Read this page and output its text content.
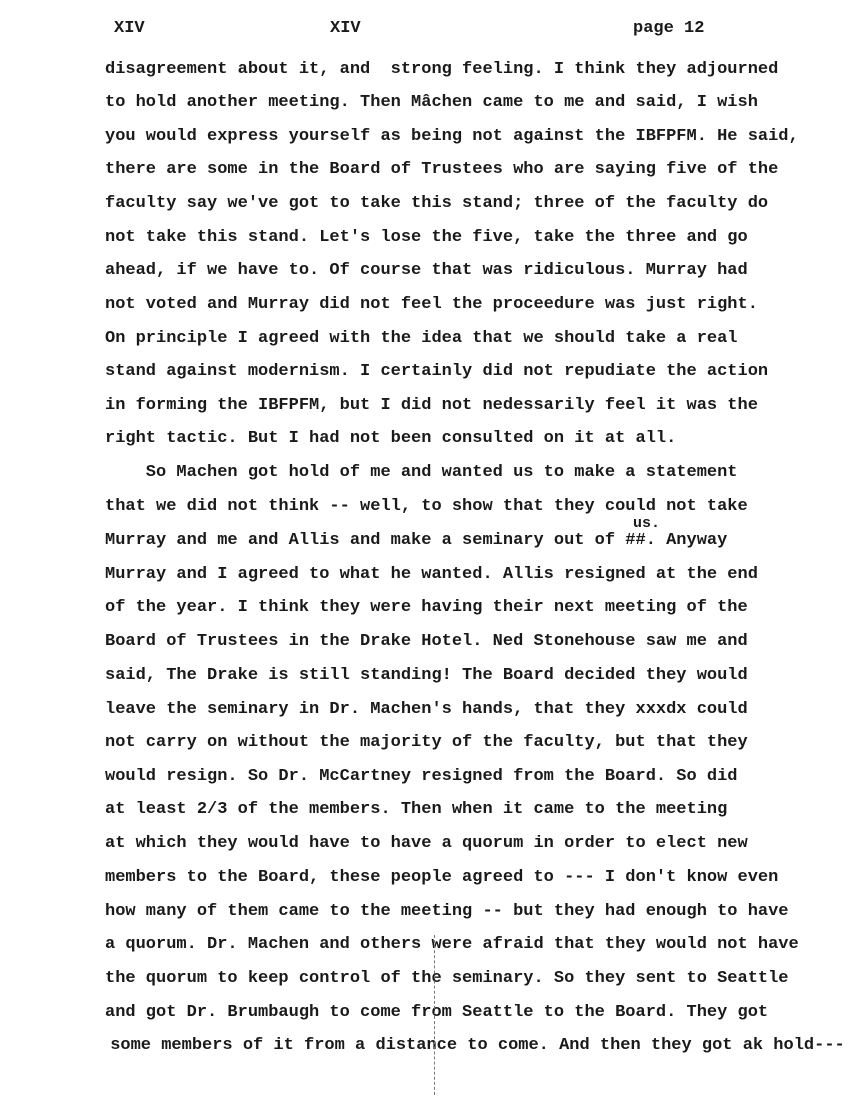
XIV	XIV	page 12
disagreement about it, and  strong feeling. I think they adjourned
to hold another meeting. Then Mâchen came to me and said, I wish
you would express yourself as being not against the IBFPFM. He said,
there are some in the Board of Trustees who are saying five of the
faculty say we've got to take this stand; three of the faculty do
not take this stand. Let's lose the five, take the three and go
ahead, if we have to. Of course that was ridiculous. Murray had
not voted and Murray did not feel the proceedure was just right.
On principle I agreed with the idea that we should take a real
stand against modernism. I certainly did not repudiate the action
in forming the IBFPFM, but I did not nedessarily feel it was the
right tactic. But I had not been consulted on it at all.
So Machen got hold of me and wanted us to make a statement
that we did not think -- well, to show that they could not take
Murray and me and Allis and make a seminary out of ##. Anyway
Murray and I agreed to what he wanted. Allis resigned at the end
of the year. I think they were having their next meeting of the
Board of Trustees in the Drake Hotel. Ned Stonehouse saw me and
said, The Drake is still standing! The Board decided they would
leave the seminary in Dr. Machen's hands, that they xxxdx could
not carry on without the majority of the faculty, but that they
would resign. So Dr. McCartney resigned from the Board. So did
at least 2/3 of the members. Then when it came to the meeting
at which they would have to have a quorum in order to elect new
members to the Board, these people agreed to --- I don't know even
how many of them came to the meeting -- but they had enough to have
a quorum. Dr. Machen and others were afraid that they would not have
the quorum to keep control of the seminary. So they sent to Seattle
and got Dr. Brumbaugh to come from Seattle to the Board. They got
some members of it from a distance to come. And then they got ak hold---
us.
